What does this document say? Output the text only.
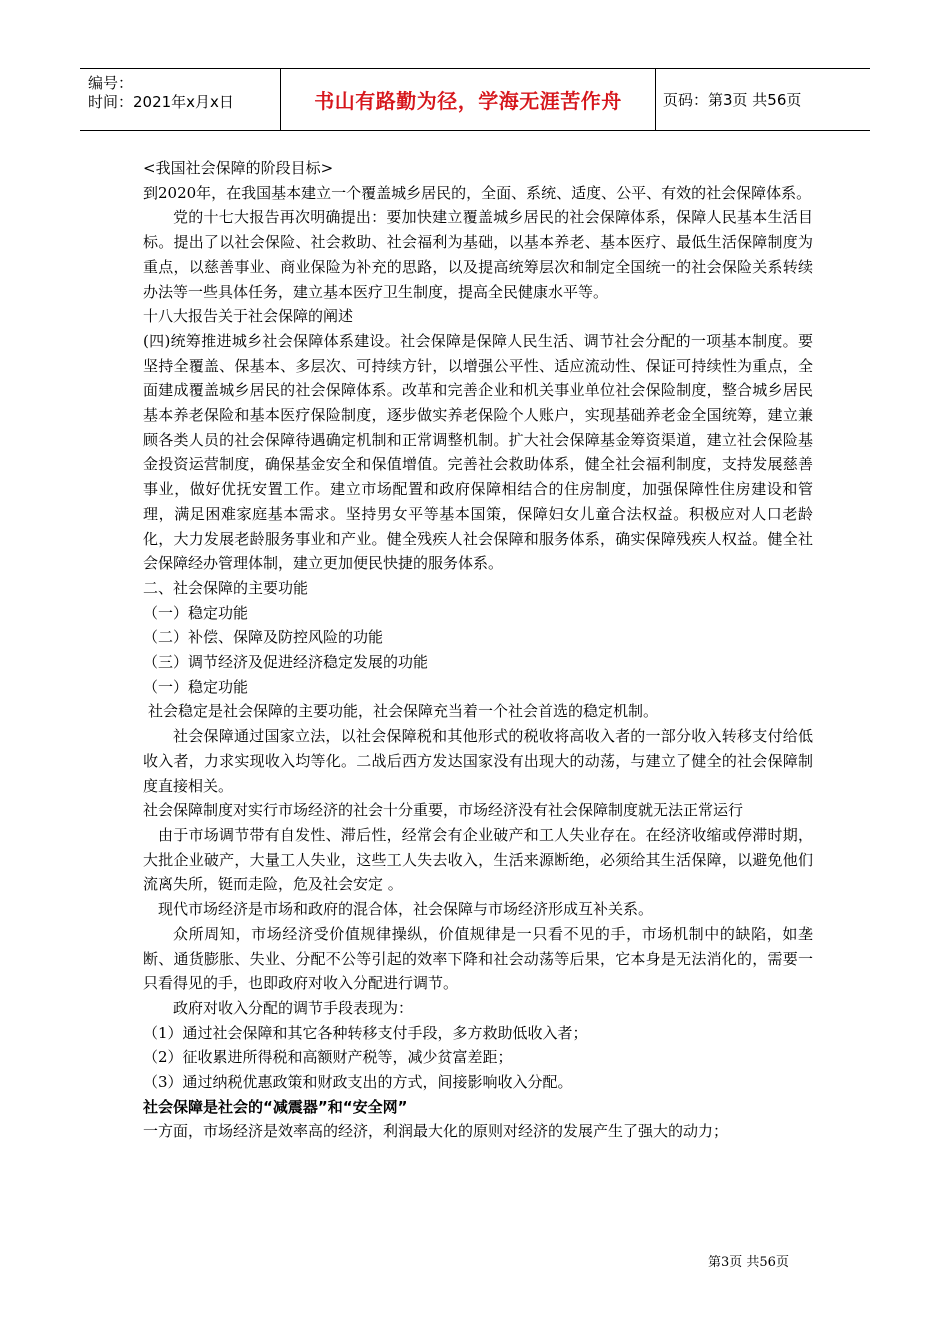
编号：
时间：2021年x月x日	书山有路勤为径，学海无涯苦作舟	页码：第3页 共56页

<我国社会保障的阶段目标>

到2020年，在我国基本建立一个覆盖城乡居民的，全面、系统、适度、公平、有效的社会保障体系。

党的十七大报告再次明确提出：要加快建立覆盖城乡居民的社会保障体系，保障人民基本生活目标。提出了以社会保险、社会救助、社会福利为基础，以基本养老、基本医疗、最低生活保障制度为重点，以慈善事业、商业保险为补充的思路，以及提高统筹层次和制定全国统一的社会保险关系转续办法等一些具体任务，建立基本医疗卫生制度，提高全民健康水平等。

十八大报告关于社会保障的阐述

(四)统筹推进城乡社会保障体系建设。社会保障是保障人民生活、调节社会分配的一项基本制度。要坚持全覆盖、保基本、多层次、可持续方针，以增强公平性、适应流动性、保证可持续性为重点，全面建成覆盖城乡居民的社会保障体系。改革和完善企业和机关事业单位社会保险制度，整合城乡居民基本养老保险和基本医疗保险制度，逐步做实养老保险个人账户，实现基础养老金全国统筹，建立兼顾各类人员的社会保障待遇确定机制和正常调整机制。扩大社会保障基金筹资渠道，建立社会保险基金投资运营制度，确保基金安全和保值增值。完善社会救助体系，健全社会福利制度，支持发展慈善事业，做好优抚安置工作。建立市场配置和政府保障相结合的住房制度，加强保障性住房建设和管理，满足困难家庭基本需求。坚持男女平等基本国策，保障妇女儿童合法权益。积极应对人口老龄化，大力发展老龄服务事业和产业。健全残疾人社会保障和服务体系，确实保障残疾人权益。健全社会保障经办管理体制，建立更加便民快捷的服务体系。

二、社会保障的主要功能

（一）稳定功能

（二）补偿、保障及防控风险的功能

（三）调节经济及促进经济稳定发展的功能

（一）稳定功能

社会稳定是社会保障的主要功能，社会保障充当着一个社会首选的稳定机制。

社会保障通过国家立法，以社会保障税和其他形式的税收将高收入者的一部分收入转移支付给低收入者，力求实现收入均等化。二战后西方发达国家没有出现大的动荡，与建立了健全的社会保障制度直接相关。

社会保障制度对实行市场经济的社会十分重要，市场经济没有社会保障制度就无法正常运行

由于市场调节带有自发性、滞后性，经常会有企业破产和工人失业存在。在经济收缩或停滞时期，大批企业破产，大量工人失业，这些工人失去收入，生活来源断绝，必须给其生活保障，以避免他们流离失所，铤而走险，危及社会安定 。

现代市场经济是市场和政府的混合体，社会保障与市场经济形成互补关系。

众所周知，市场经济受价值规律操纵，价值规律是一只看不见的手，市场机制中的缺陷，如垄断、通货膨胀、失业、分配不公等引起的效率下降和社会动荡等后果，它本身是无法消化的，需要一只看得见的手，也即政府对收入分配进行调节。

政府对收入分配的调节手段表现为：

（1）通过社会保障和其它各种转移支付手段，多方救助低收入者；

（2）征收累进所得税和高额财产税等，减少贫富差距；

（3）通过纳税优惠政策和财政支出的方式，间接影响收入分配。

社会保障是社会的“减震器”和“安全网”

一方面，市场经济是效率高的经济，利润最大化的原则对经济的发展产生了强大的动力；

第3页 共56页
